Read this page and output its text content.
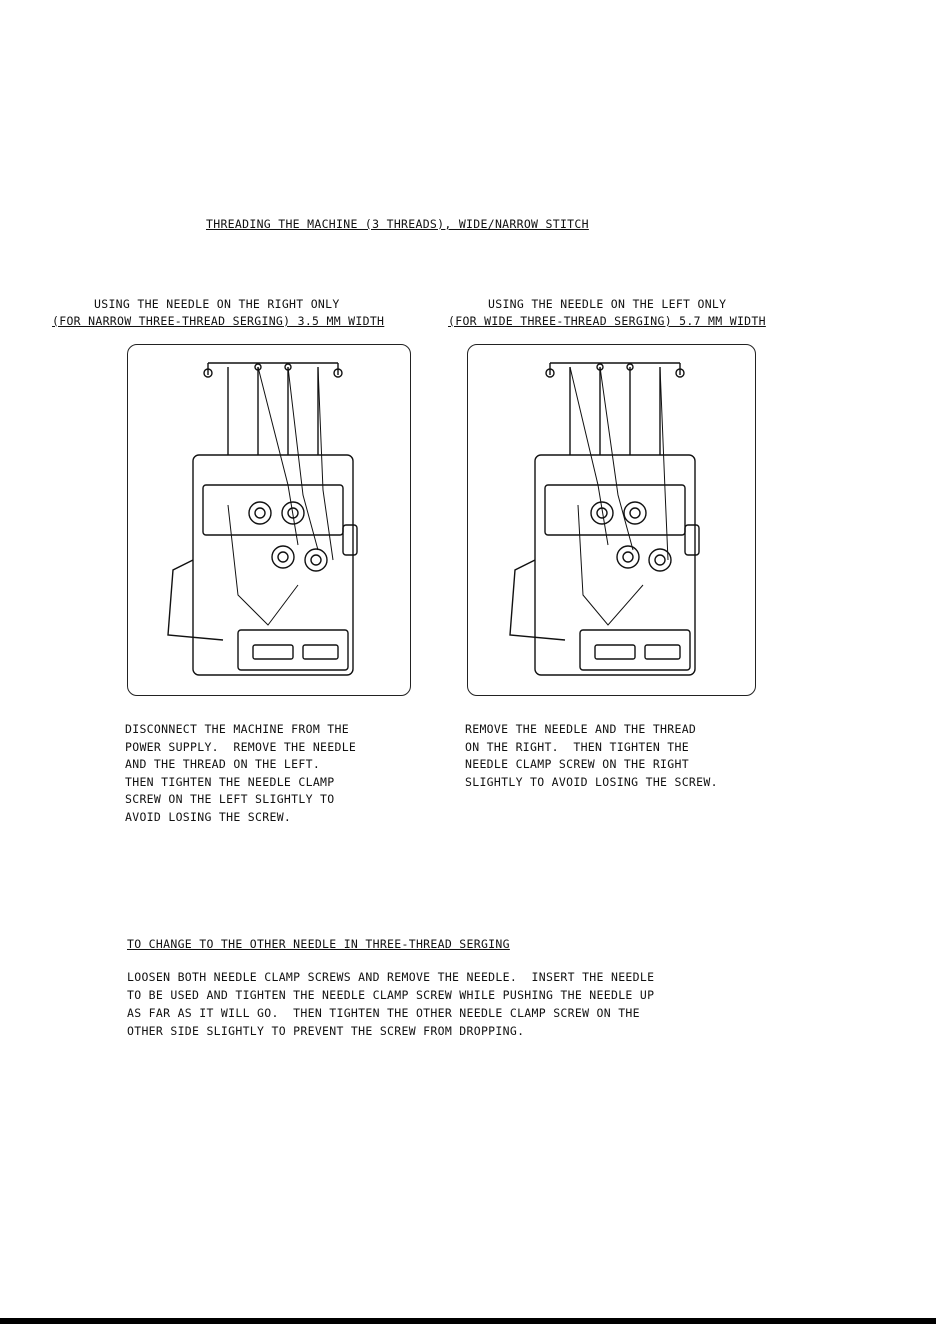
THREADING THE MACHINE (3 THREADS), WIDE/NARROW STITCH
USING THE NEEDLE ON THE RIGHT ONLY
(FOR NARROW THREE-THREAD SERGING) 3.5 MM WIDTH
USING THE NEEDLE ON THE LEFT ONLY
(FOR WIDE THREE-THREAD SERGING) 5.7 MM WIDTH
DISCONNECT THE MACHINE FROM THE
POWER SUPPLY.  REMOVE THE NEEDLE
AND THE THREAD ON THE LEFT.
THEN TIGHTEN THE NEEDLE CLAMP
SCREW ON THE LEFT SLIGHTLY TO
AVOID LOSING THE SCREW.
REMOVE THE NEEDLE AND THE THREAD
ON THE RIGHT.  THEN TIGHTEN THE
NEEDLE CLAMP SCREW ON THE RIGHT
SLIGHTLY TO AVOID LOSING THE SCREW.
TO CHANGE TO THE OTHER NEEDLE IN THREE-THREAD SERGING
LOOSEN BOTH NEEDLE CLAMP SCREWS AND REMOVE THE NEEDLE.  INSERT THE NEEDLE
TO BE USED AND TIGHTEN THE NEEDLE CLAMP SCREW WHILE PUSHING THE NEEDLE UP
AS FAR AS IT WILL GO.  THEN TIGHTEN THE OTHER NEEDLE CLAMP SCREW ON THE
OTHER SIDE SLIGHTLY TO PREVENT THE SCREW FROM DROPPING.
